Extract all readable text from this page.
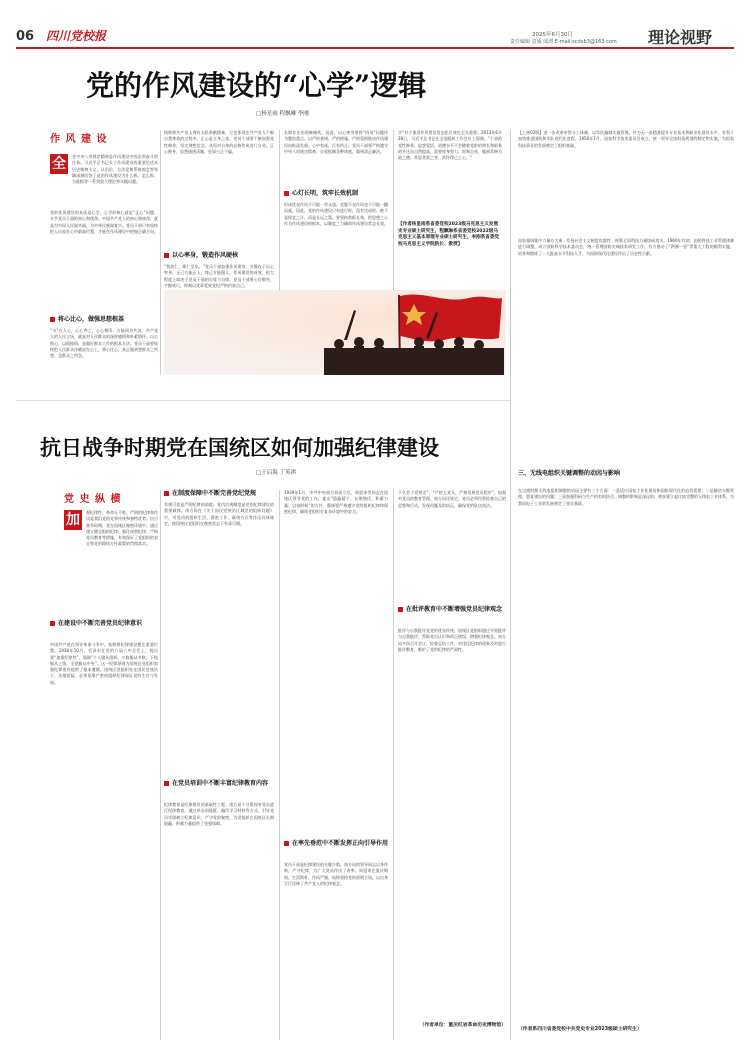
06 四川党校报	2025年6月30日
责任编辑 袁威 邱渭 E-mail:scdxb3@163.com	理论视野
党的作风建设的“心学”逻辑
□杨星雨 程飘琳 李刚
作 风 建 设
全	党中央八项规定精神是作风建设中的必须奋斗的任务。习近平总书记关于作风建设的重要论述从历史唯物主义、认识论、方法论和系统观念等领域深刻回答了党的作风建设为什么抓、怎么抓、为谁抓等一系列重大理论和实践问题。
党的作风建设的本质是心学，心学的核心就是“正心”问题，关乎党员干部的初心和使命。中国共产党人的初心和使命，就是为中国人民谋幸福，为中华民族谋复兴。党员干部只有始终把人民放在心中最高位置，才能在作风建设中把握正确方向。
将心比心，做强思想根基
“水”在人心，心心齐之，心心相印，方能同舟共济。共产党人的人民立场，就是对人民群众的深厚感情和朴素情怀。以心换心，以情换情，是做好群众工作的根本方法。党员干部要始终把人民群众冷暖放在心上，将心比心，真正做到想群众之所想、急群众之所急。
线跨界共产党人拥有无私奉献精神，它也体现在共产党人不断自我革命的过程中。正心是立身之本，党员干部要不断加强党性修养，坚定理想信念，从而对自身的品格作风进行自省。正心修身，思想通透清澈，处事公正不偏。
以心率身，锻造作风硬核
“我欲仁，斯仁至矣。”党员干部加强作风建设，关键在于以心率身。正己方能正人，律己方能服人。作风建设的成效，很大程度上取决于党员干部的自觉与自律。党员干部要心存敬畏、手握戒尺，时刻以党章党规党纪严格约束自己。
长期存在的顽瘴痼疾。因此，以心率身要将“四风”问题作为整治重点，以严的基调、严的措施、严的氛围推动作风建设向纵深发展。心中有戒，行有所止。党员干部要严格遵守中央八项规定精神，自觉抵制各种诱惑，做到清正廉洁。
心灯长明，筑牢长效机制
形成优良作风不可能一劳永逸，克服不良作风也不可能一蹴而就。因此，党的作风建设只有进行时，没有完成时，绝不是权宜之计，而是长远之策。要坚持常抓长效，把思想之心作为作风建设的根本，以制度之力确保作风建设常态长效。
学”对于推进作风建设常态化长效化至关重要。2013年6月28日，习近平总书记在全国组织工作会议上强调，“干部的党性修养、思想觉悟、道德水平不会随着党龄的增长和职务的升迁而自然提高，需要终身努力，时刻自省，做到常修为政之德、常思贪欲之害、常怀律己之心。”
【作者杨星雨系省委党校2023级马克思主义发展史专业硕士研究生，程飘琳系省委党校2022级马克思主义基本原理专业硕士研究生，李刚系省委党校马克思主义学院院长、教授】
【上接02版】进一步改革审管分工体制，以军队编制实施管理，共为无一步精准提升专业技术和职业化建设水平，有利于加快推进国防和军队现代化进程。1956年1月，国家科学技术委员会成立，统一领导全国科技规划的制定和实施，为国家科技事业的发展奠定了组织基础。
国家强调集中力量办大事，发扬社会主义制度优越性，统筹全国科技力量协同攻关。1960年代初，国防科技工业管理体制进行调整，成立国防科学技术委员会，统一管理国防尖端技术研究工作，有力推动了“两弹一星”等重大工程的顺利实施，培养和锻炼了一大批高水平科技人才，为国防现代化建设作出了历史性贡献。
三、无线电组织关键调整的动因与影响
在过渡时期无线电组织调整的动因主要有三个方面：一是适应国家工业化建设和国防现代化的迫切需要；二是解决分散管理、重复建设的问题；三是加强科研与生产的有机结合。调整的影响是深远的，初步建立起比较完整的无线电工业体系，为我国电子工业的发展奠定了坚实基础。
（作者系四川省委党校中共党史专业2023级硕士研究生）
抗日战争时期党在国统区如何加强纪律建设
□王启海 丁英祺
党 史 纵 横
加	强纪律性，革命无不胜。严明的纪律和作风是我们党的光荣传统和独特优势。抗日战争时期，党在国统区秘密环境中，通过建立健全组织纪律、强化保密纪律、严格党员教育等措施，有效保证了党组织的安全和党的路线方针政策的贯彻落实。
在建设中不断完善党员纪律意识
中国共产党在领导革命斗争中，始终将纪律建设摆在重要位置。1938年10月，毛泽东在党的六届六中全会上，提出要“加强纪律性”，强调“个人服从组织，少数服从多数，下级服从上级，全党服从中央”。这一纪律原则为国统区党组织加强纪律建设提供了根本遵循。国统区党组织处在国民党统治下，处境艰险，必须依靠严密的组织纪律保证党的生存与发展。
在制度保障中不断完善党纪党规
有规可依是严明纪律的前提。党内法规制度是党的纪律建设的重要载体。南方局在《关于国民党统治区域党的组织问题》中，对党员的组织生活、保密工作、联络方式等作出具体规定，使国统区党组织在秘密状态下有章可循。
在党员培训中不断丰富纪律教育内容
纪律教育是纪律建设的基础性工程。南方局十分重视对党员进行纪律教育，通过举办训练班、编印学习材料等方式，引导党员牢固树立纪律意识，严守党的秘密，为党组织在国统区长期隐蔽、积蓄力量提供了坚强保障。
1939年1月，中共中央南方局成立后，周恩来等同志在国统区领导党的工作，提出“隐蔽精干、长期埋伏、积蓄力量、以待时机”的方针，强调要严格遵守党的组织纪律和保密纪律，确保党组织在复杂环境中的安全。
在率先垂范中不断发挥正向引导作用
党员干部是纪律建设的关键少数。南方局的领导同志以身作则，严守纪律，为广大党员作出了表率。周恩来在重庆期间，生活简朴、作风严谨，始终坚持党的原则立场，以自身言行诠释了共产党人的纪律观念。
不久会于党规定”，“严把入党关，严格发展党员程序”，加强对党员的教育管理。南方局还规定，党员必须经常检查自己的思想和行动，发现问题及时纠正，确保党的队伍纯洁。
在批评教育中不断增强党员纪律观念
批评与自我批评是党的优良传统。国统区党组织通过开展批评与自我批评，帮助党员认识和改正错误，增强纪律观念。南方局多次召开会议，检查总结工作，对违反纪律的现象及时进行批评教育，维护了党的纪律的严肃性。
（作者单位：重庆红岩革命历史博物馆）
